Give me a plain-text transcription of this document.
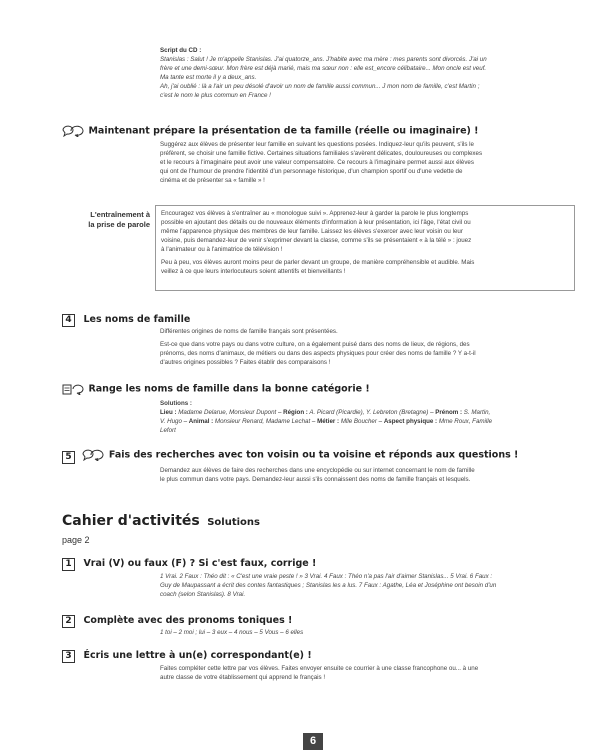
Script du CD :

Stanislas : Salut ! Je m'appelle Stanislas. J'ai quatorze_ans. J'habite avec ma mère : mes parents sont divorcés. J'ai un

frère et une demi-sœur. Mon frère est déjà marié, mais ma sœur non : elle est_encore célibataire... Mon oncle est veuf.

Ma tante est morte il y a deux_ans.

Ah, j'ai oublié : là a l'air un peu désolé d'avoir un nom de famille aussi commun... J mon nom de famille, c'est Martin ;

c'est le nom le plus commun en France !

Maintenant prépare la présentation de ta famille (réelle ou imaginaire) !

Suggérez aux élèves de présenter leur famille en suivant les questions posées. Indiquez-leur qu'ils peuvent, s'ils le

préfèrent, se choisir une famille fictive. Certaines situations familiales s'avèrent délicates, douloureuses ou complexes

et le recours à l'imaginaire peut avoir une valeur compensatoire. Ce recours à l'imaginaire permet aussi aux élèves

qui ont de l'humour de prendre l'identité d'un personnage historique, d'un champion sportif ou d'une vedette de

cinéma et de présenter sa « famille » !

L'entraînement à

la prise de parole

Encouragez vos élèves à s'entraîner au « monologue suivi ». Apprenez-leur à garder la parole le plus longtemps

possible en ajoutant des détails ou de nouveaux éléments d'information à leur présentation, ici l'âge, l'état civil ou

même l'apparence physique des membres de leur famille. Laissez les élèves s'exercer avec leur voisin ou leur

voisine, puis demandez-leur de venir s'exprimer devant la classe, comme s'ils se présentaient « à la télé » : jouez

à l'animateur ou à l'animatrice de télévision !

Peu à peu, vos élèves auront moins peur de parler devant un groupe, de manière compréhensible et audible. Mais

veillez à ce que leurs interlocuteurs soient attentifs et bienveillants !

4 Les noms de famille

Différentes origines de noms de famille français sont présentées.

Est-ce que dans votre pays ou dans votre culture, on a également puisé dans des noms de lieux, de régions, des

prénoms, des noms d'animaux, de métiers ou dans des aspects physiques pour créer des noms de famille ? Y a-t-il

d'autres origines possibles ? Faites établir des comparaisons !

Range les noms de famille dans la bonne catégorie !

Solutions :

Lieu : Madame Delarue, Monsieur Dupont – Région : A. Picard (Picardie), Y. Lebreton (Bretagne) – Prénom : S. Martin,

V. Hugo – Animal : Monsieur Renard, Madame Lechat – Métier : Mlle Boucher – Aspect physique : Mme Roux, Famille

Lefort

5	Fais des recherches avec ton voisin ou ta voisine et réponds aux questions !

Demandez aux élèves de faire des recherches dans une encyclopédie ou sur internet concernant le nom de famille

le plus commun dans votre pays. Demandez-leur aussi s'ils connaissent des noms de famille français et lesquels.

Cahier d'activités Solutions
page 2
1 Vrai (V) ou faux (F) ? Si c'est faux, corrige !

1 Vrai. 2 Faux : Théo dit : « C'est une vraie peste ! » 3 Vrai. 4 Faux : Théo n'a pas l'air d'aimer Stanislas... 5 Vrai. 6 Faux :

Guy de Maupassant a écrit des contes fantastiques ; Stanislas les a lus. 7 Faux : Agathe, Léa et Joséphine ont besoin d'un

coach (selon Stanislas). 8 Vrai.

2 Complète avec des pronoms toniques !
1 toi – 2 moi ; lui – 3 eux – 4 nous – 5 Vous – 6 elles
3 Écris une lettre à un(e) correspondant(e) !

Faites compléter cette lettre par vos élèves. Faites envoyer ensuite ce courrier à une classe francophone ou... à une

autre classe de votre établissement qui apprend le français !

6
